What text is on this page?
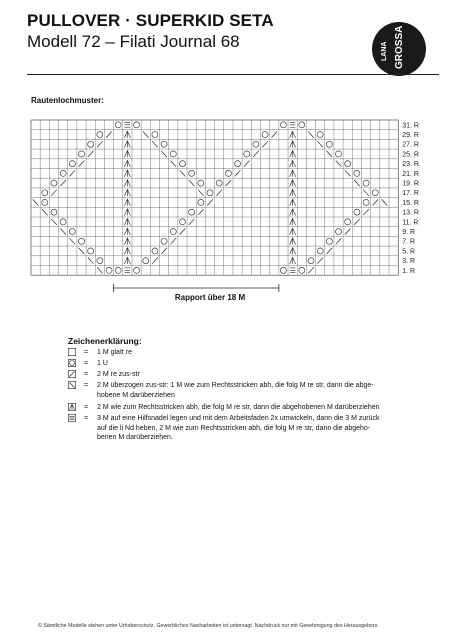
PULLOVER · SUPERKID SETA
Modell 72 – Filati Journal 68
LANA GROSSA
Rautenlochmuster:
31. R
29. R
27. R
25. R
23. R
21. R
19. R
17. R
15. R
13. R
11. R
9. R
7. R
5. R
3. R
1. R
Rapport über 18 M
Zeichenerklärung:
= 1 M glatt re
= 1 U
= 2 M re zus-str
= 2 M überzogen zus-str: 1 M wie zum Rechtsstricken abh, die folg M re str, dann die abge-
hobene M darüberziehen
= 2 M wie zum Rechtsstricken abh, die folg M re str, dann die abgehobenen M darüberziehen
= 3 M auf eine Hilfsnadel legen und mit dem Arbeitsfaden 2x umwickeln, dann die 3 M zurück
auf die li Nd heben, 2 M wie zum Rechtsstricken abh, die folg M re str, dann die abgeho-
benen M darüberziehen.
© Sämtliche Modelle stehen unter Urheberschutz. Gewerbliches Nacharbeiten ist untersagt. Nachdruck nur mit Genehmigung des Herausgebers.
